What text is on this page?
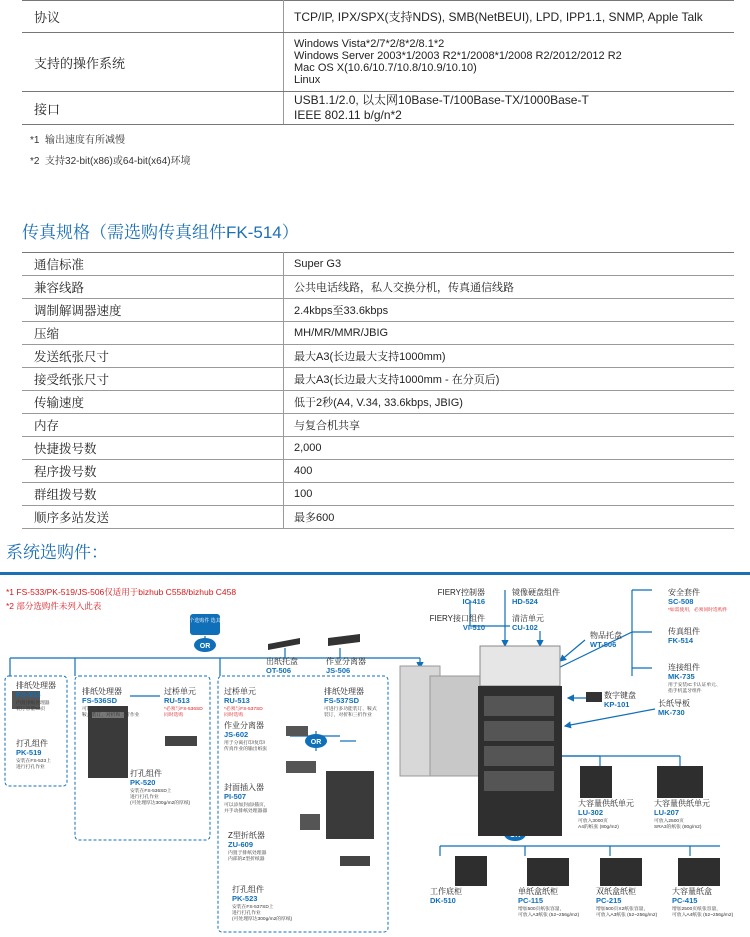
协议	TCP/IP, IPX/SPX(支持NDS), SMB(NetBEUI), LPD, IPP1.1, SNMP, Apple Talk
支持的操作系统	Windows Vista*2/7*2/8*2/8.1*2
Windows Server 2003*1/2003 R2*1/2008*1/2008 R2/2012/2012 R2
Mac OS X(10.6/10.7/10.8/10.9/10.10)
Linux

接口	USB1.1/2.0, 以太网10Base-T/100Base-TX/1000Base-T
IEEE 802.11 b/g/n*2
*1 输出速度有所减慢
*2 支持32-bit(x86)或64-bit(x64)环境
传真规格（需选购传真组件FK-514）
通信标准	Super G3
兼容线路	公共电话线路，私人交换分机，传真通信线路
调制解调器速度	2.4kbps至33.6kbps
压缩	MH/MR/MMR/JBIG
发送纸张尺寸	最大A3(长边最大支持1000mm)
接受纸张尺寸	最大A3(长边最大支持1000mm - 在分页后)
传输速度	低于2秒(A4, V.34, 33.6kbps, JBIG)
内存	与复合机共享
快捷拨号数	2,000
程序拨号数	400
群组拨号数	100
顺序多站发送	最多600
系统选购件：
*1 FS-533/PK-519/JS-506仅适用于bizhub C558/bizhub C458
*2 部分选购件未列入此表
五个选购件 选其一
OR
OR
FIERY控制器
IC-416
镜像硬盘组件
HD-524
FIERY接口组件
VI-510
清洁单元
CU-102
安全套件
SC-508
*如需使用，必须同时选购件
物品托盘
WT-506
传真组件
FK-514
连接组件
MK-735
用于安装IC卡认证单元、
指手机蓝牙组件
数字键盘
KP-101	长纸导板
MK-730
出纸托盘
OT-506
作业分离器
JS-506
排纸处理器
FS-533
内置排纸处理器
装订容量50页
打孔组件
PK-519
安装在FS-533上
进行打孔作业
排纸处理器
FS-536SD
可进行多功能装订、
鞍式装订，对折和三折作业
过桥单元
RU-513
*必须与FS-536SD
同时选购
打孔组件
PK-520
安装在FS-536SD上
进行打孔作业
(可处理厚达300g/m2的厚纸)
过桥单元
RU-513
*必须与FS-537SD
同时选购
作业分离器
JS-602
用于分离打印/复印/
传真作业的输出纸张
排纸处理器
FS-537SD
可进行多功能装订、鞍式
装订，对折和三折作业
封面插入器
PI-507
可以添加封面/插页，
并手动排纸处理器器
Z型折纸器
ZU-609
内置于排纸处理器
内部的Z型折纸器
打孔组件
PK-523
安装在FS-537SD上
进行打孔作业
(可处理厚达300g/m2的厚纸)
大容量供纸单元
LU-302
可放入3000页
A4的纸张 (80g/m2)
大容量供纸单元
LU-207
可放入2500页
SRA3的纸张 (80g/m2)
工作底柜
DK-510
单纸盒纸柜
PC-115
增加500页纸张容量，
可放入A3纸张 (52~256g/m2)
双纸盒纸柜
PC-215
增加500页X2纸张容量，
可放入A3纸张 (52~256g/m2)
大容量纸盒
PC-415
增加2500页纸张容量，
可放入A4纸张 (52~256g/m2)
